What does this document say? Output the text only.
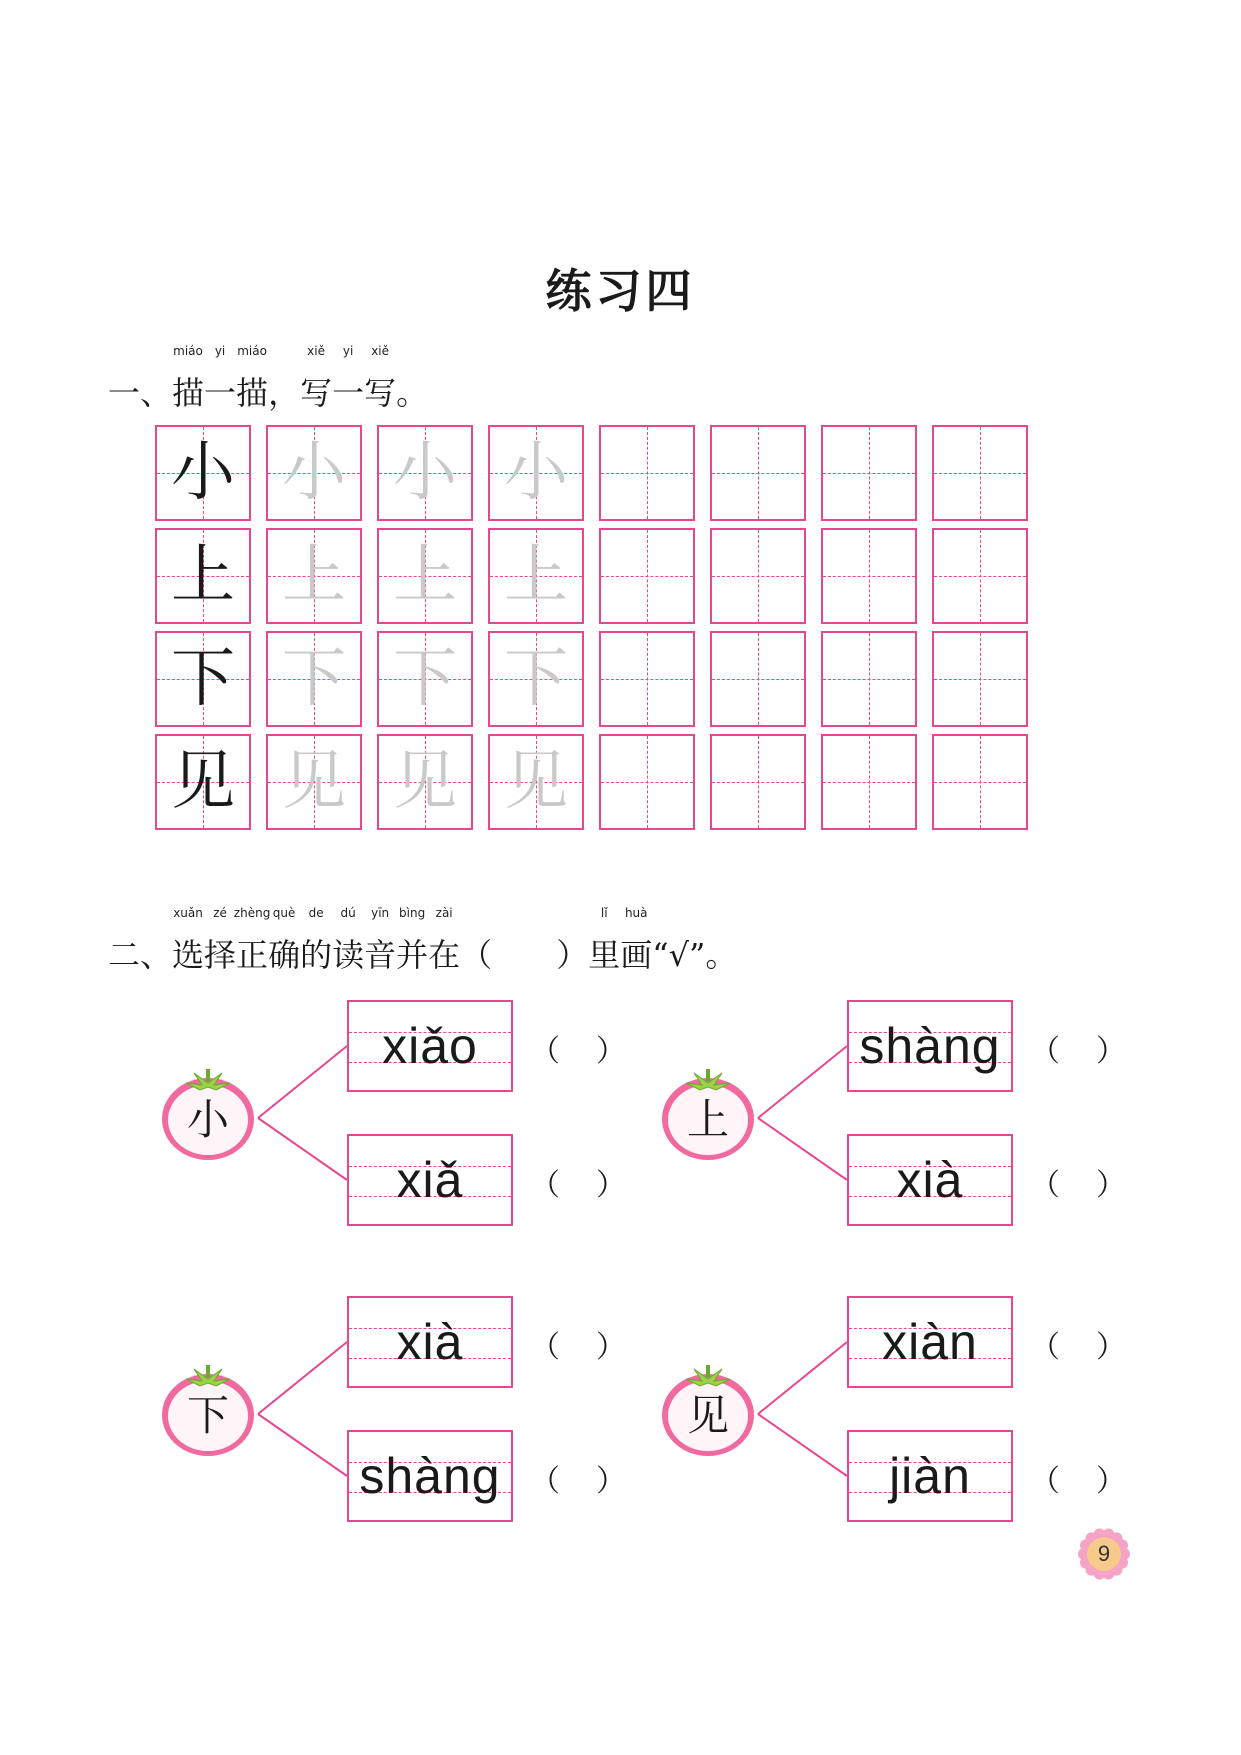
练习四
一、描
miáo
一
yi
描
miáo
，写
xiě
一
yi
写
xiě
。
小 小 小 小
上 上 上 上
下 下 下 下
见 见 见 见
二、选
xuǎn
择
zé
正
zhèng
确
què
的
de
读
dú
音
yīn
并
bìng
在
zài
（　　 ）里
lǐ
画
huà
“√”。
小
xiǎo	（ ）
xiǎ	（ ）
上
shàng （ ）
xià	（ ）
下
xià	（ ）
shàng （ ）
见
xiàn	（ ）
jiàn	（ ）
9
